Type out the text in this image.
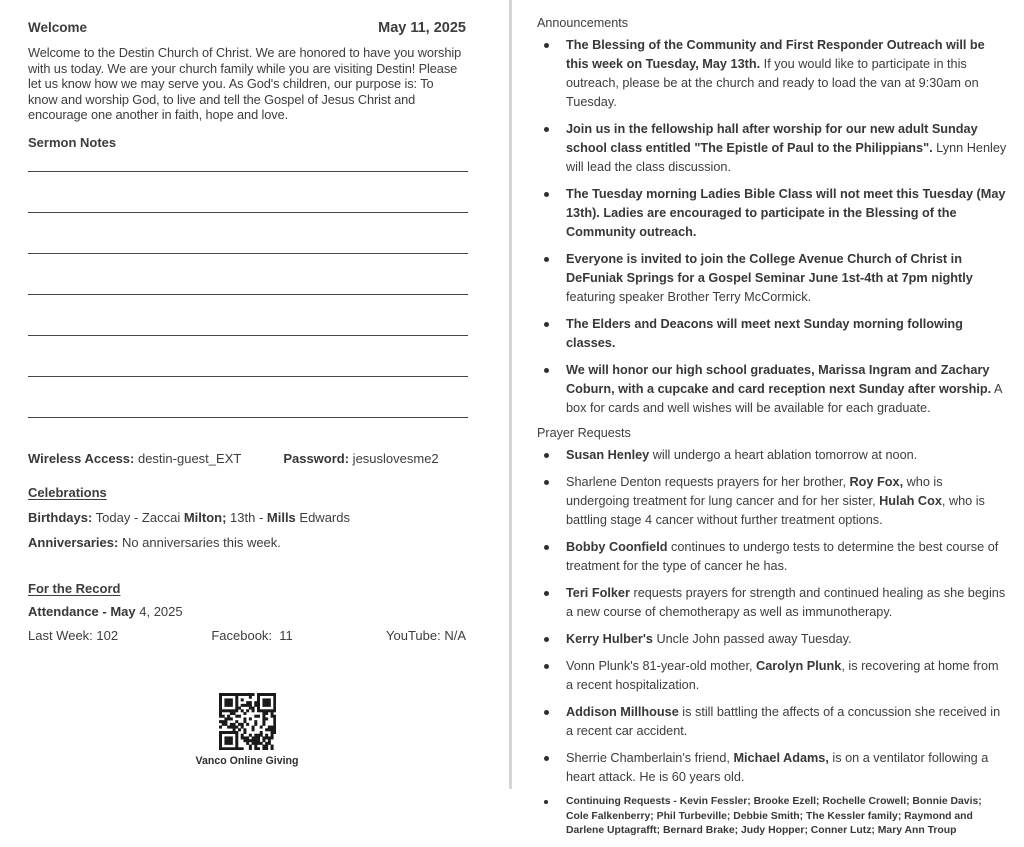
Welcome	May 11, 2025

Welcome to the Destin Church of Christ. We are honored to have you worship with us today. We are your church family while you are visiting Destin! Please let us know how we may serve you. As God's children, our purpose is: To know and worship God, to live and tell the Gospel of Jesus Christ and encourage one another in faith, hope and love.

Sermon Notes
Wireless Access: destin-guest_EXT	Password: jesuslovesme2
Celebrations
Birthdays: Today - Zaccai Milton; 13th - Mills Edwards
Anniversaries: No anniversaries this week.
For the Record
Attendance - May 4, 2025
Last Week: 102	Facebook:  11	YouTube: N/A
Vanco Online Giving
Announcements
The Blessing of the Community and First Responder Outreach will be this week on Tuesday, May 13th. If you would like to participate in this outreach, please be at the church and ready to load the van at 9:30am on Tuesday.
Join us in the fellowship hall after worship for our new adult Sunday school class entitled "The Epistle of Paul to the Philippians". Lynn Henley will lead the class discussion.
The Tuesday morning Ladies Bible Class will not meet this Tuesday (May 13th). Ladies are encouraged to participate in the Blessing of the Community outreach.
Everyone is invited to join the College Avenue Church of Christ in DeFuniak Springs for a Gospel Seminar June 1st-4th at 7pm nightly featuring speaker Brother Terry McCormick.
The Elders and Deacons will meet next Sunday morning following classes.
We will honor our high school graduates, Marissa Ingram and Zachary Coburn, with a cupcake and card reception next Sunday after worship. A box for cards and well wishes will be available for each graduate.
Prayer Requests
Susan Henley will undergo a heart ablation tomorrow at noon.
Sharlene Denton requests prayers for her brother, Roy Fox, who is undergoing treatment for lung cancer and for her sister, Hulah Cox, who is battling stage 4 cancer without further treatment options.
Bobby Coonfield continues to undergo tests to determine the best course of treatment for the type of cancer he has.
Teri Folker requests prayers for strength and continued healing as she begins a new course of chemotherapy as well as immunotherapy.
Kerry Hulber's Uncle John passed away Tuesday.
Vonn Plunk's 81-year-old mother, Carolyn Plunk, is recovering at home from a recent hospitalization.
Addison Millhouse is still battling the affects of a concussion she received in a recent car accident.
Sherrie Chamberlain's friend, Michael Adams, is on a ventilator following a heart attack. He is 60 years old.
Continuing Requests - Kevin Fessler; Brooke Ezell; Rochelle Crowell; Bonnie Davis; Cole Falkenberry; Phil Turbeville; Debbie Smith; The Kessler family; Raymond and Darlene Uptagrafft; Bernard Brake; Judy Hopper; Conner Lutz; Mary Ann Troup
